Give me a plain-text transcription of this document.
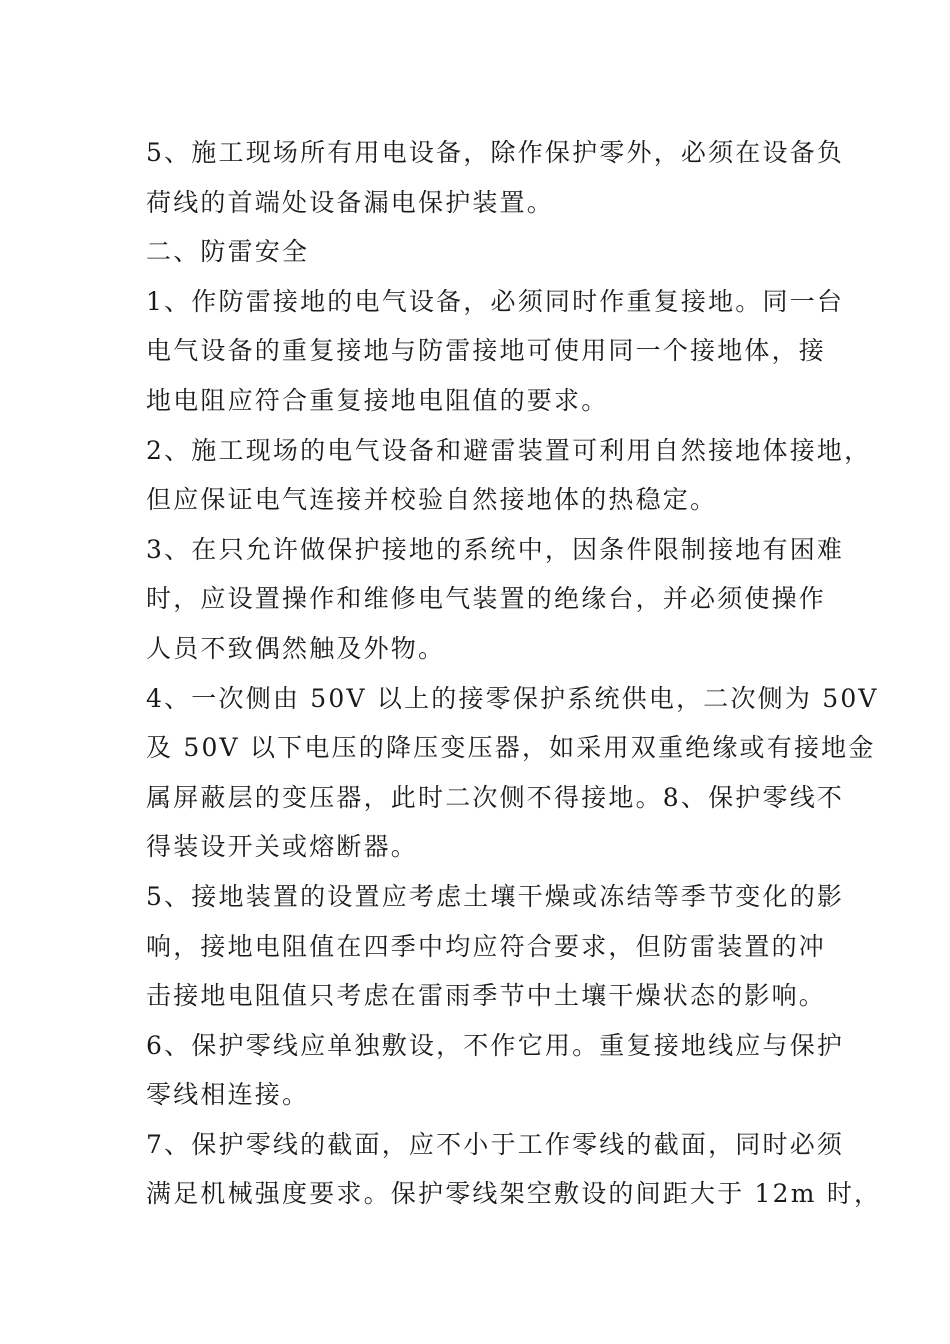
5、施工现场所有用电设备，除作保护零外，必须在设备负
荷线的首端处设备漏电保护装置。
二、防雷安全
1、作防雷接地的电气设备，必须同时作重复接地。同一台
电气设备的重复接地与防雷接地可使用同一个接地体，接
地电阻应符合重复接地电阻值的要求。
2、施工现场的电气设备和避雷装置可利用自然接地体接地，
但应保证电气连接并校验自然接地体的热稳定。
3、在只允许做保护接地的系统中，因条件限制接地有困难
时，应设置操作和维修电气装置的绝缘台，并必须使操作
人员不致偶然触及外物。
4、一次侧由 50V 以上的接零保护系统供电，二次侧为 50V
及 50V 以下电压的降压变压器，如采用双重绝缘或有接地金
属屏蔽层的变压器，此时二次侧不得接地。8、保护零线不
得装设开关或熔断器。
5、接地装置的设置应考虑土壤干燥或冻结等季节变化的影
响，接地电阻值在四季中均应符合要求，但防雷装置的冲
击接地电阻值只考虑在雷雨季节中土壤干燥状态的影响。
6、保护零线应单独敷设，不作它用。重复接地线应与保护
零线相连接。
7、保护零线的截面，应不小于工作零线的截面，同时必须
满足机械强度要求。保护零线架空敷设的间距大于 12m 时，
